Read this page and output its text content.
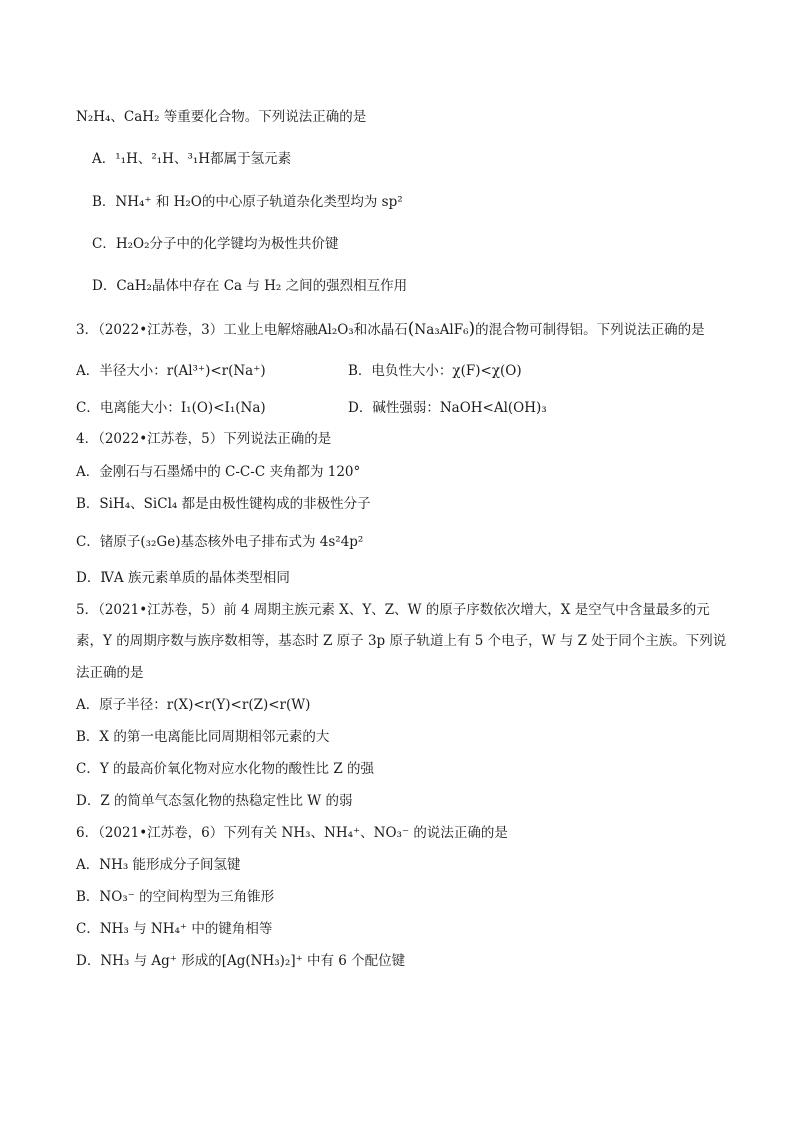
N₂H₄、CaH₂ 等重要化合物。下列说法正确的是
A．¹₁H、²₁H、³₁H都属于氢元素
B．NH₄⁺ 和 H₂O的中心原子轨道杂化类型均为 sp²
C．H₂O₂分子中的化学键均为极性共价键
D．CaH₂晶体中存在 Ca 与 H₂ 之间的强烈相互作用
3．（2022•江苏卷，3）工业上电解熔融Al₂O₃和冰晶石(Na₃AlF₆)的混合物可制得铝。下列说法正确的是
A．半径大小：r(Al³⁺)<r(Na⁺)	B．电负性大小：χ(F)<χ(O)
C．电离能大小：I₁(O)<I₁(Na)	D．碱性强弱：NaOH<Al(OH)₃
4．（2022•江苏卷，5）下列说法正确的是
A．金刚石与石墨烯中的 C-C-C 夹角都为 120°
B．SiH₄、SiCl₄ 都是由极性键构成的非极性分子
C．锗原子(₃₂Ge)基态核外电子排布式为 4s²4p²
D．ⅣA 族元素单质的晶体类型相同
5．（2021•江苏卷，5）前 4 周期主族元素 X、Y、Z、W 的原子序数依次增大，X 是空气中含量最多的元
素，Y 的周期序数与族序数相等，基态时 Z 原子 3p 原子轨道上有 5 个电子，W 与 Z 处于同个主族。下列说
法正确的是
A．原子半径：r(X)<r(Y)<r(Z)<r(W)
B．X 的第一电离能比同周期相邻元素的大
C．Y 的最高价氧化物对应水化物的酸性比 Z 的强
D．Z 的简单气态氢化物的热稳定性比 W 的弱
6．（2021•江苏卷，6）下列有关 NH₃、NH₄⁺、NO₃⁻ 的说法正确的是
A．NH₃ 能形成分子间氢键
B．NO₃⁻ 的空间构型为三角锥形
C．NH₃ 与 NH₄⁺ 中的键角相等
D．NH₃ 与 Ag⁺ 形成的[Ag(NH₃)₂]⁺ 中有 6 个配位键
